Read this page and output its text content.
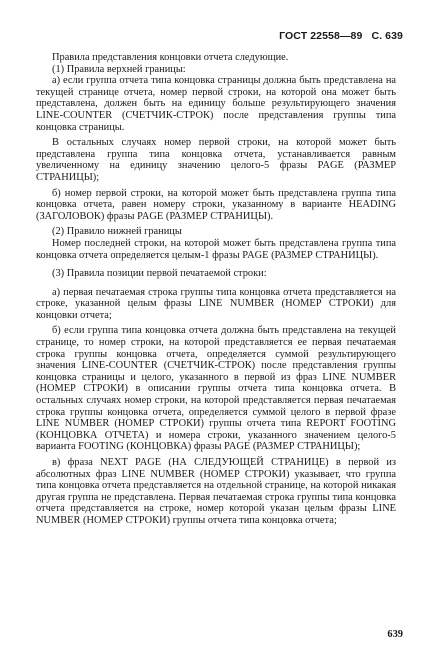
ГОСТ 22558—89 С. 639

Правила представления концовки отчета следующие.

(1) Правила верхней границы:

а) если группа отчета типа концовка страницы должна быть представлена на текущей странице отчета, номер первой строки, на которой она может быть представлена, должен быть на единицу больше результирующего значения LINE-COUNTER (СЧЕТЧИК-СТРОК) после представления группы типа концовка страницы.

В остальных случаях номер первой строки, на которой может быть представлена группа типа концовка отчета, устанавливается равным увеличенному на единицу значению целого-5 фразы PAGE (РАЗМЕР СТРАНИЦЫ);

б) номер первой строки, на которой может быть представлена группа типа концовка отчета, равен номеру строки, указанному в варианте HEADING (ЗАГОЛОВОК) фразы PAGE (РАЗМЕР СТРАНИЦЫ).

(2) Правило нижней границы

Номер последней строки, на которой может быть представлена группа типа концовка отчета определяется целым-1 фразы PAGE (РАЗМЕР СТРАНИЦЫ).

(3) Правила позиции первой печатаемой строки:

а) первая печатаемая строка группы типа концовка отчета представляется на строке, указанной целым фразы LINE NUMBER (НОМЕР СТРОКИ) для концовки отчета;

б) если группа типа концовка отчета должна быть представлена на текущей странице, то номер строки, на которой представляется ее первая печатаемая строка группы концовка отчета, определяется суммой результирующего значения LINE-COUNTER (СЧЕТЧИК-СТРОК) после представления группы концовка страницы и целого, указанного в первой из фраз LINE NUMBER (НОМЕР СТРОКИ) в описании группы отчета типа концовка отчета. В остальных случаях номер строки, на которой представляется первая печатаемая строка группы концовка отчета, определяется суммой целого в первой фразе LINE NUMBER (НОМЕР СТРОКИ) группы отчета типа REPORT FOOTING (КОНЦОВКА ОТЧЕТА) и номера строки, указанного значением целого-5 варианта FOOTING (КОНЦОВКА) фразы PAGE (РАЗМЕР СТРАНИЦЫ);

в) фраза NEXT PAGE (НА СЛЕДУЮЩЕЙ СТРАНИЦЕ) в первой из абсолютных фраз LINE NUMBER (НОМЕР СТРОКИ) указывает, что группа типа концовка отчета представляется на отдельной странице, на которой никакая другая группа не представлена. Первая печатаемая строка группы типа концовка отчета представляется на строке, номер которой указан целым фразы LINE NUMBER (НОМЕР СТРОКИ) группы отчета типа концовка отчета;

639
